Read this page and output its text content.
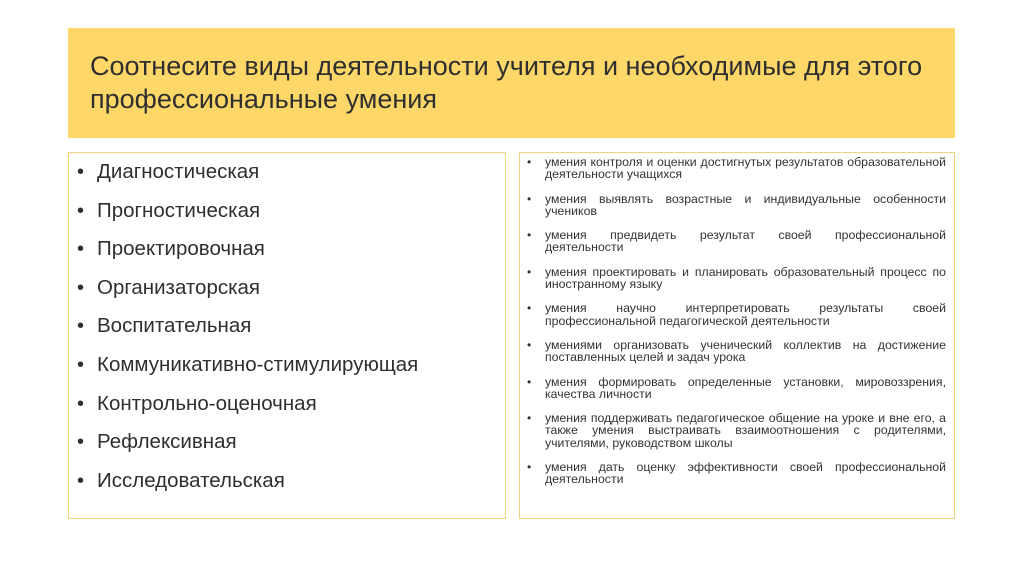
Соотнесите виды деятельности учителя и необходимые для этого профессиональные умения
• Диагностическая
• Прогностическая
• Проектировочная
• Организаторская
• Воспитательная
• Коммуникативно-стимулирующая
• Контрольно-оценочная
• Рефлексивная
• Исследовательская
•	умения контроля и оценки достигнутых результатов образовательной деятельности учащихся
•	умения выявлять возрастные и индивидуальные особенности учеников
•	умения предвидеть результат своей профессиональной деятельности
•	умения проектировать и планировать образовательный процесс по иностранному языку
•	умения научно интерпретировать результаты своей профессиональной педагогической деятельности
•	умениями организовать ученический коллектив на достижение поставленных целей и задач урока
•	умения формировать определенные установки, мировоззрения, качества личности
•	умения поддерживать педагогическое общение на уроке и вне его, а также умения выстраивать взаимоотношения с родителями, учителями, руководством школы
•	умения дать оценку эффективности своей профессиональной деятельности
